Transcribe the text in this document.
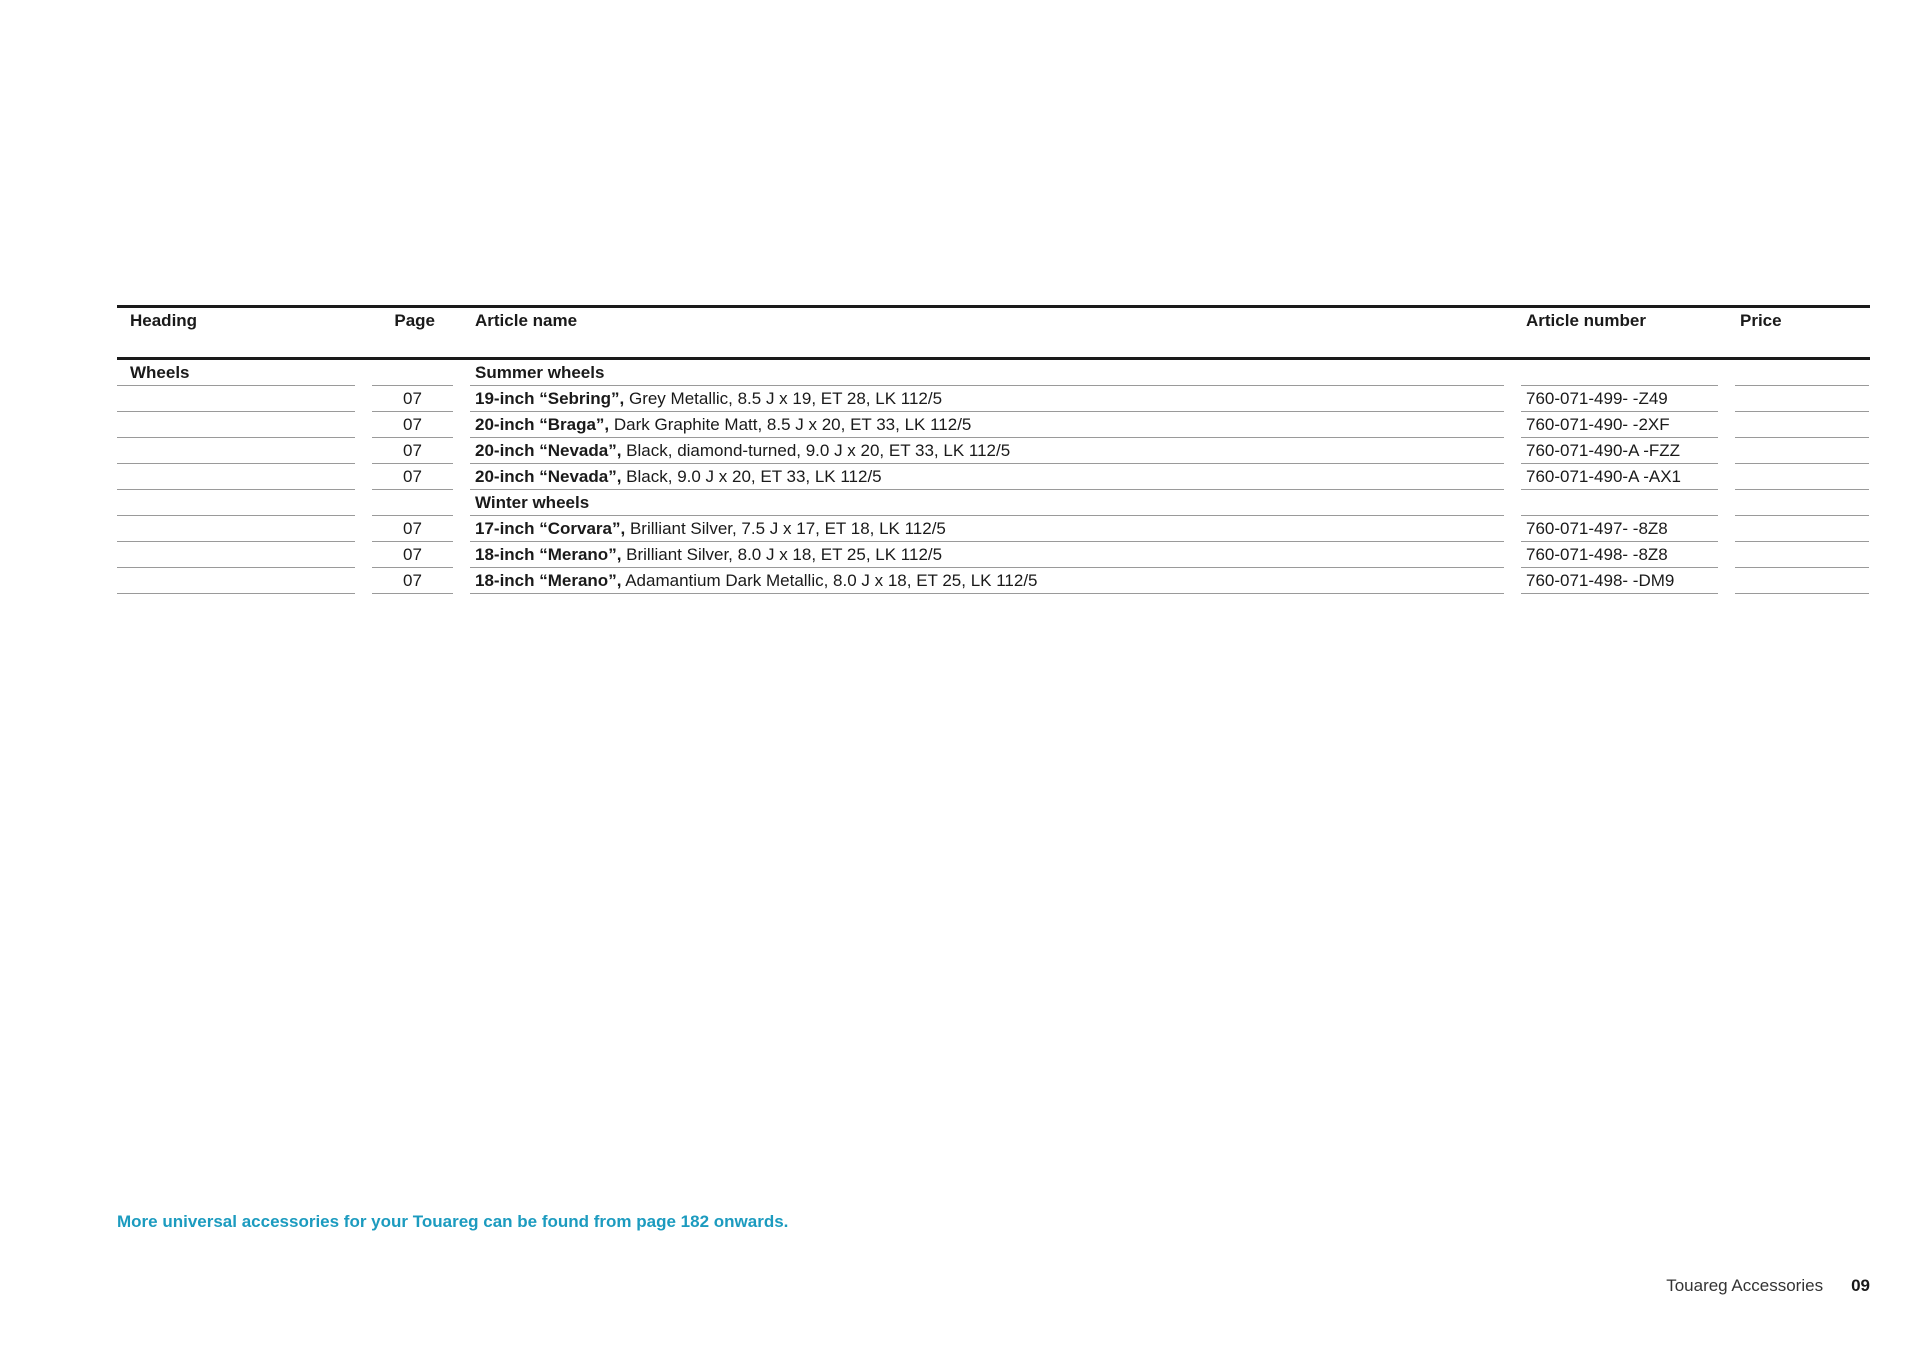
Heading	Page	Article name	Article number	Price
Wheels	Summer wheels
07	19-inch “Sebring”, Grey Metallic, 8.5 J x 19, ET 28, LK 112/5	760-071-499- -Z49
07	20-inch “Braga”, Dark Graphite Matt, 8.5 J x 20, ET 33, LK 112/5	760-071-490- -2XF
07	20-inch “Nevada”, Black, diamond-turned, 9.0 J x 20, ET 33, LK 112/5	760-071-490-A -FZZ
07	20-inch “Nevada”, Black, 9.0 J x 20, ET 33, LK 112/5	760-071-490-A -AX1
Winter wheels
07	17-inch “Corvara”, Brilliant Silver, 7.5 J x 17, ET 18, LK 112/5	760-071-497- -8Z8
07	18-inch “Merano”, Brilliant Silver, 8.0 J x 18, ET 25, LK 112/5	760-071-498- -8Z8
07	18-inch “Merano”, Adamantium Dark Metallic, 8.0 J x 18, ET 25, LK 112/5	760-071-498- -DM9
More universal accessories for your Touareg can be found from page 182 onwards.
Touareg Accessories 09
